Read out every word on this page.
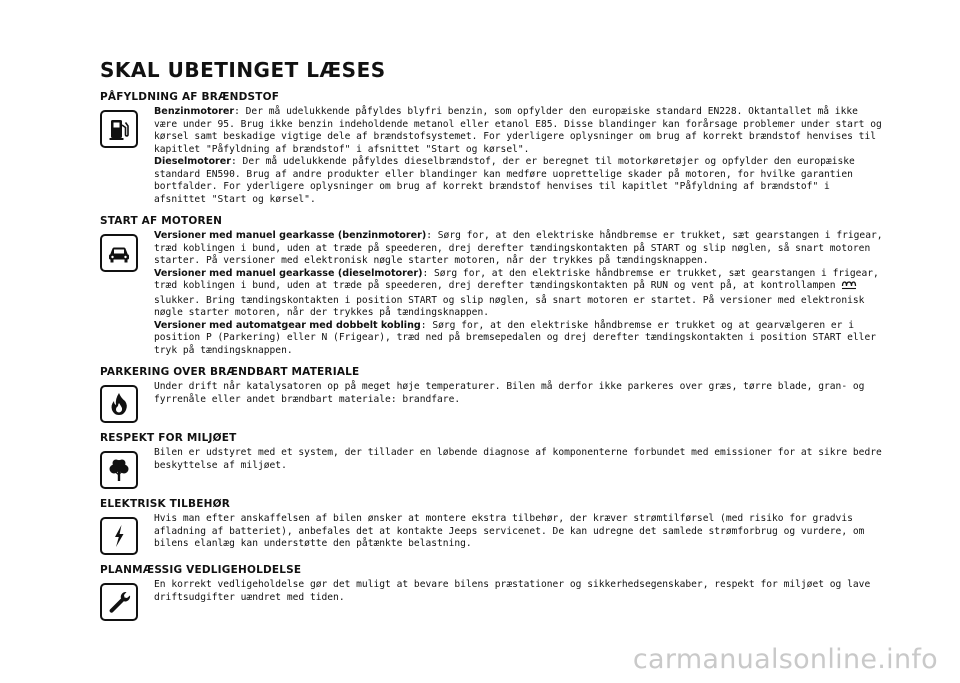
SKAL UBETINGET LÆSES
PÅFYLDNING AF BRÆNDSTOF

Benzinmotorer: Der må udelukkende påfyldes blyfri benzin, som opfylder den europæiske standard EN228. Oktantallet må ikke være under 95. Brug ikke benzin indeholdende metanol eller etanol E85. Disse blandinger kan forårsage problemer under start og kørsel samt beskadige vigtige dele af brændstofsystemet. For yderligere oplysninger om brug af korrekt brændstof henvises til kapitlet "Påfyldning af brændstof" i afsnittet "Start og kørsel".

Dieselmotorer: Der må udelukkende påfyldes dieselbrændstof, der er beregnet til motorkøretøjer og opfylder den europæiske standard EN590. Brug af andre produkter eller blandinger kan medføre uoprettelige skader på motoren, for hvilke garantien bortfalder. For yderligere oplysninger om brug af korrekt brændstof henvises til kapitlet "Påfyldning af brændstof" i afsnittet "Start og kørsel".

START AF MOTOREN

Versioner med manuel gearkasse (benzinmotorer): Sørg for, at den elektriske håndbremse er trukket, sæt gearstangen i frigear, træd koblingen i bund, uden at træde på speederen, drej derefter tændingskontakten på START og slip nøglen, så snart motoren starter. På versioner med elektronisk nøgle starter motoren, når der trykkes på tændingsknappen.

Versioner med manuel gearkasse (dieselmotorer): Sørg for, at den elektriske håndbremse er trukket, sæt gearstangen i frigear, træd koblingen i bund, uden at træde på speederen, drej derefter tændingskontakten på RUN og vent på, at kontrollampen  slukker. Bring tændingskontakten i position START og slip nøglen, så snart motoren er startet. På versioner med elektronisk nøgle starter motoren, når der trykkes på tændingsknappen.

Versioner med automatgear med dobbelt kobling: Sørg for, at den elektriske håndbremse er trukket og at gearvælgeren er i position P (Parkering) eller N (Frigear), træd ned på bremsepedalen og drej derefter tændingskontakten i position START eller tryk på tændingsknappen.

PARKERING OVER BRÆNDBART MATERIALE

Under drift når katalysatoren op på meget høje temperaturer. Bilen må derfor ikke parkeres over græs, tørre blade, gran- og fyrrenåle eller andet brændbart materiale: brandfare.

RESPEKT FOR MILJØET

Bilen er udstyret med et system, der tillader en løbende diagnose af komponenterne forbundet med emissioner for at sikre bedre beskyttelse af miljøet.

ELEKTRISK TILBEHØR

Hvis man efter anskaffelsen af bilen ønsker at montere ekstra tilbehør, der kræver strømtilførsel (med risiko for gradvis afladning af batteriet), anbefales det at kontakte Jeeps servicenet. De kan udregne det samlede strømforbrug og vurdere, om bilens elanlæg kan understøtte den påtænkte belastning.

PLANMÆSSIG VEDLIGEHOLDELSE

En korrekt vedligeholdelse gør det muligt at bevare bilens præstationer og sikkerhedsegenskaber, respekt for miljøet og lave driftsudgifter uændret med tiden.

carmanualsonline.info
